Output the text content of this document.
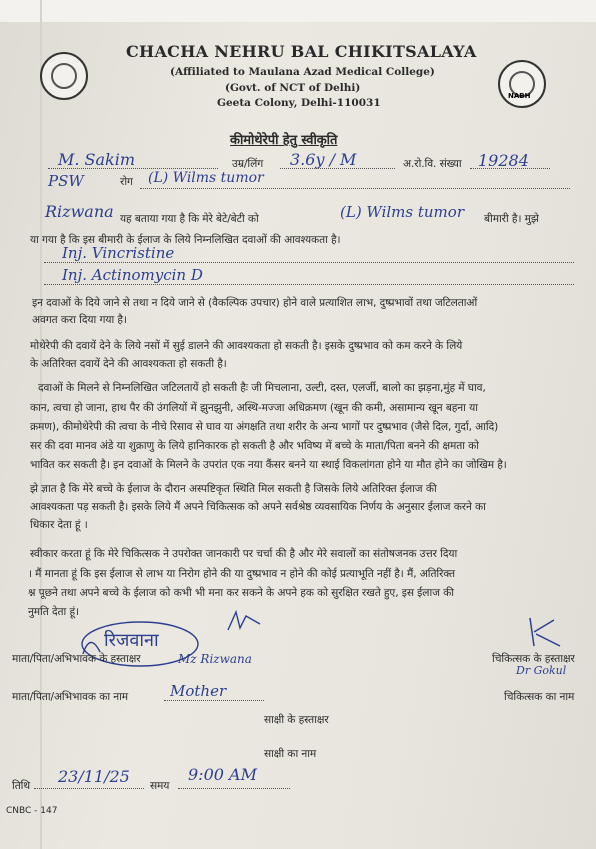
NABH
CHACHA NEHRU BAL CHIKITSALAYA
(Affiliated to Maulana Azad Medical College)
(Govt. of NCT of Delhi)
Geeta Colony, Delhi-110031
कीमोथेरेपी हेतु स्वीकृति
M. Sakim	उम्र/लिंग 3.6y / M	अ.रो.वि. संख्या 19284
PSW	रोग (L) Wilms tumor
Rizwana यह बताया गया है कि मेरे बेटे/बेटी को	(L) Wilms tumor बीमारी है। मुझे
या गया है कि इस बीमारी के ईलाज के लिये निम्नलिखित दवाओं की आवश्यकता है।
Inj. Vincristine
Inj. Actinomycin D
इन दवाओं के दिये जाने से तथा न दिये जाने से (वैकल्पिक उपचार) होने वाले प्रत्याशित लाभ, दुष्प्रभावों तथा जटिलताओं
अवगत करा दिया गया है।
मोथेरेपी की दवायें देने के लिये नसों में सुई डालने की आवश्यकता हो सकती है। इसके दुष्प्रभाव को कम करने के लिये
के अतिरिक्त दवायें देने की आवश्यकता हो सकती है।
दवाओं के मिलने से निम्नलिखित जटिलतायें हो सकती हैः जी मिचलाना, उल्टी, दस्त, एलर्जी, बालो का झड़ना,मुंह में घाव,
कान, त्वचा हो जाना, हाथ पैर की उंगलियों में झुनझुनी, अस्थि-मज्जा अधिक्रमण (खून की कमी, असामान्य खून बहना या
क्रमण), कीमोथेरेपी की त्वचा के नीचे रिसाव से घाव या अंगक्षति तथा शरीर के अन्य भागों पर दुष्प्रभाव (जैसे दिल, गुर्दा, आदि)
सर की दवा मानव अंडे या शुक्राणु के लिये हानिकारक हो सकती है और भविष्य में बच्चे के माता/पिता बनने की क्षमता को
भावित कर सकती है। इन दवाओं के मिलने के उपरांत एक नया कैंसर बनने या स्थाई विकलांगता होने या मौत होने का जोखिम है।
झे ज्ञात है कि मेरे बच्चे के ईलाज के दौरान अस्पष्टिकृत स्थिति मिल सकती है जिसके लिये अतिरिक्त ईलाज की
आवश्यकता पड़ सकती है। इसके लिये मैं अपने चिकित्सक को अपने सर्वश्रेष्ठ व्यवसायिक निर्णय के अनुसार ईलाज करने का
धिकार देता हूं ।
स्वीकार करता हूं कि मेरे चिकित्सक ने उपरोक्त जानकारी पर चर्चा की है और मेरे सवालों का संतोषजनक उत्तर दिया
। मैं मानता हूं कि इस ईलाज से लाभ या निरोग होने की या दुष्प्रभाव न होने की कोई प्रत्याभूति नहीं है। मैं, अतिरिक्त
श्न पूछने तथा अपने बच्चे के ईलाज को कभी भी मना कर सकने के अपने हक को सुरक्षित रखते हुए, इस ईलाज की
नुमति देता हूं।
रिजवाना
माता/पिता/अभिभावक के हस्ताक्षर	Mz Rizwana	चिकित्सक के हस्ताक्षर
Dr Gokul
माता/पिता/अभिभावक का नाम	Mother	चिकित्सक का नाम
साक्षी के हस्ताक्षर
साक्षी का नाम
तिथि 23/11/25 समय
9:00 AM
CNBC - 147
